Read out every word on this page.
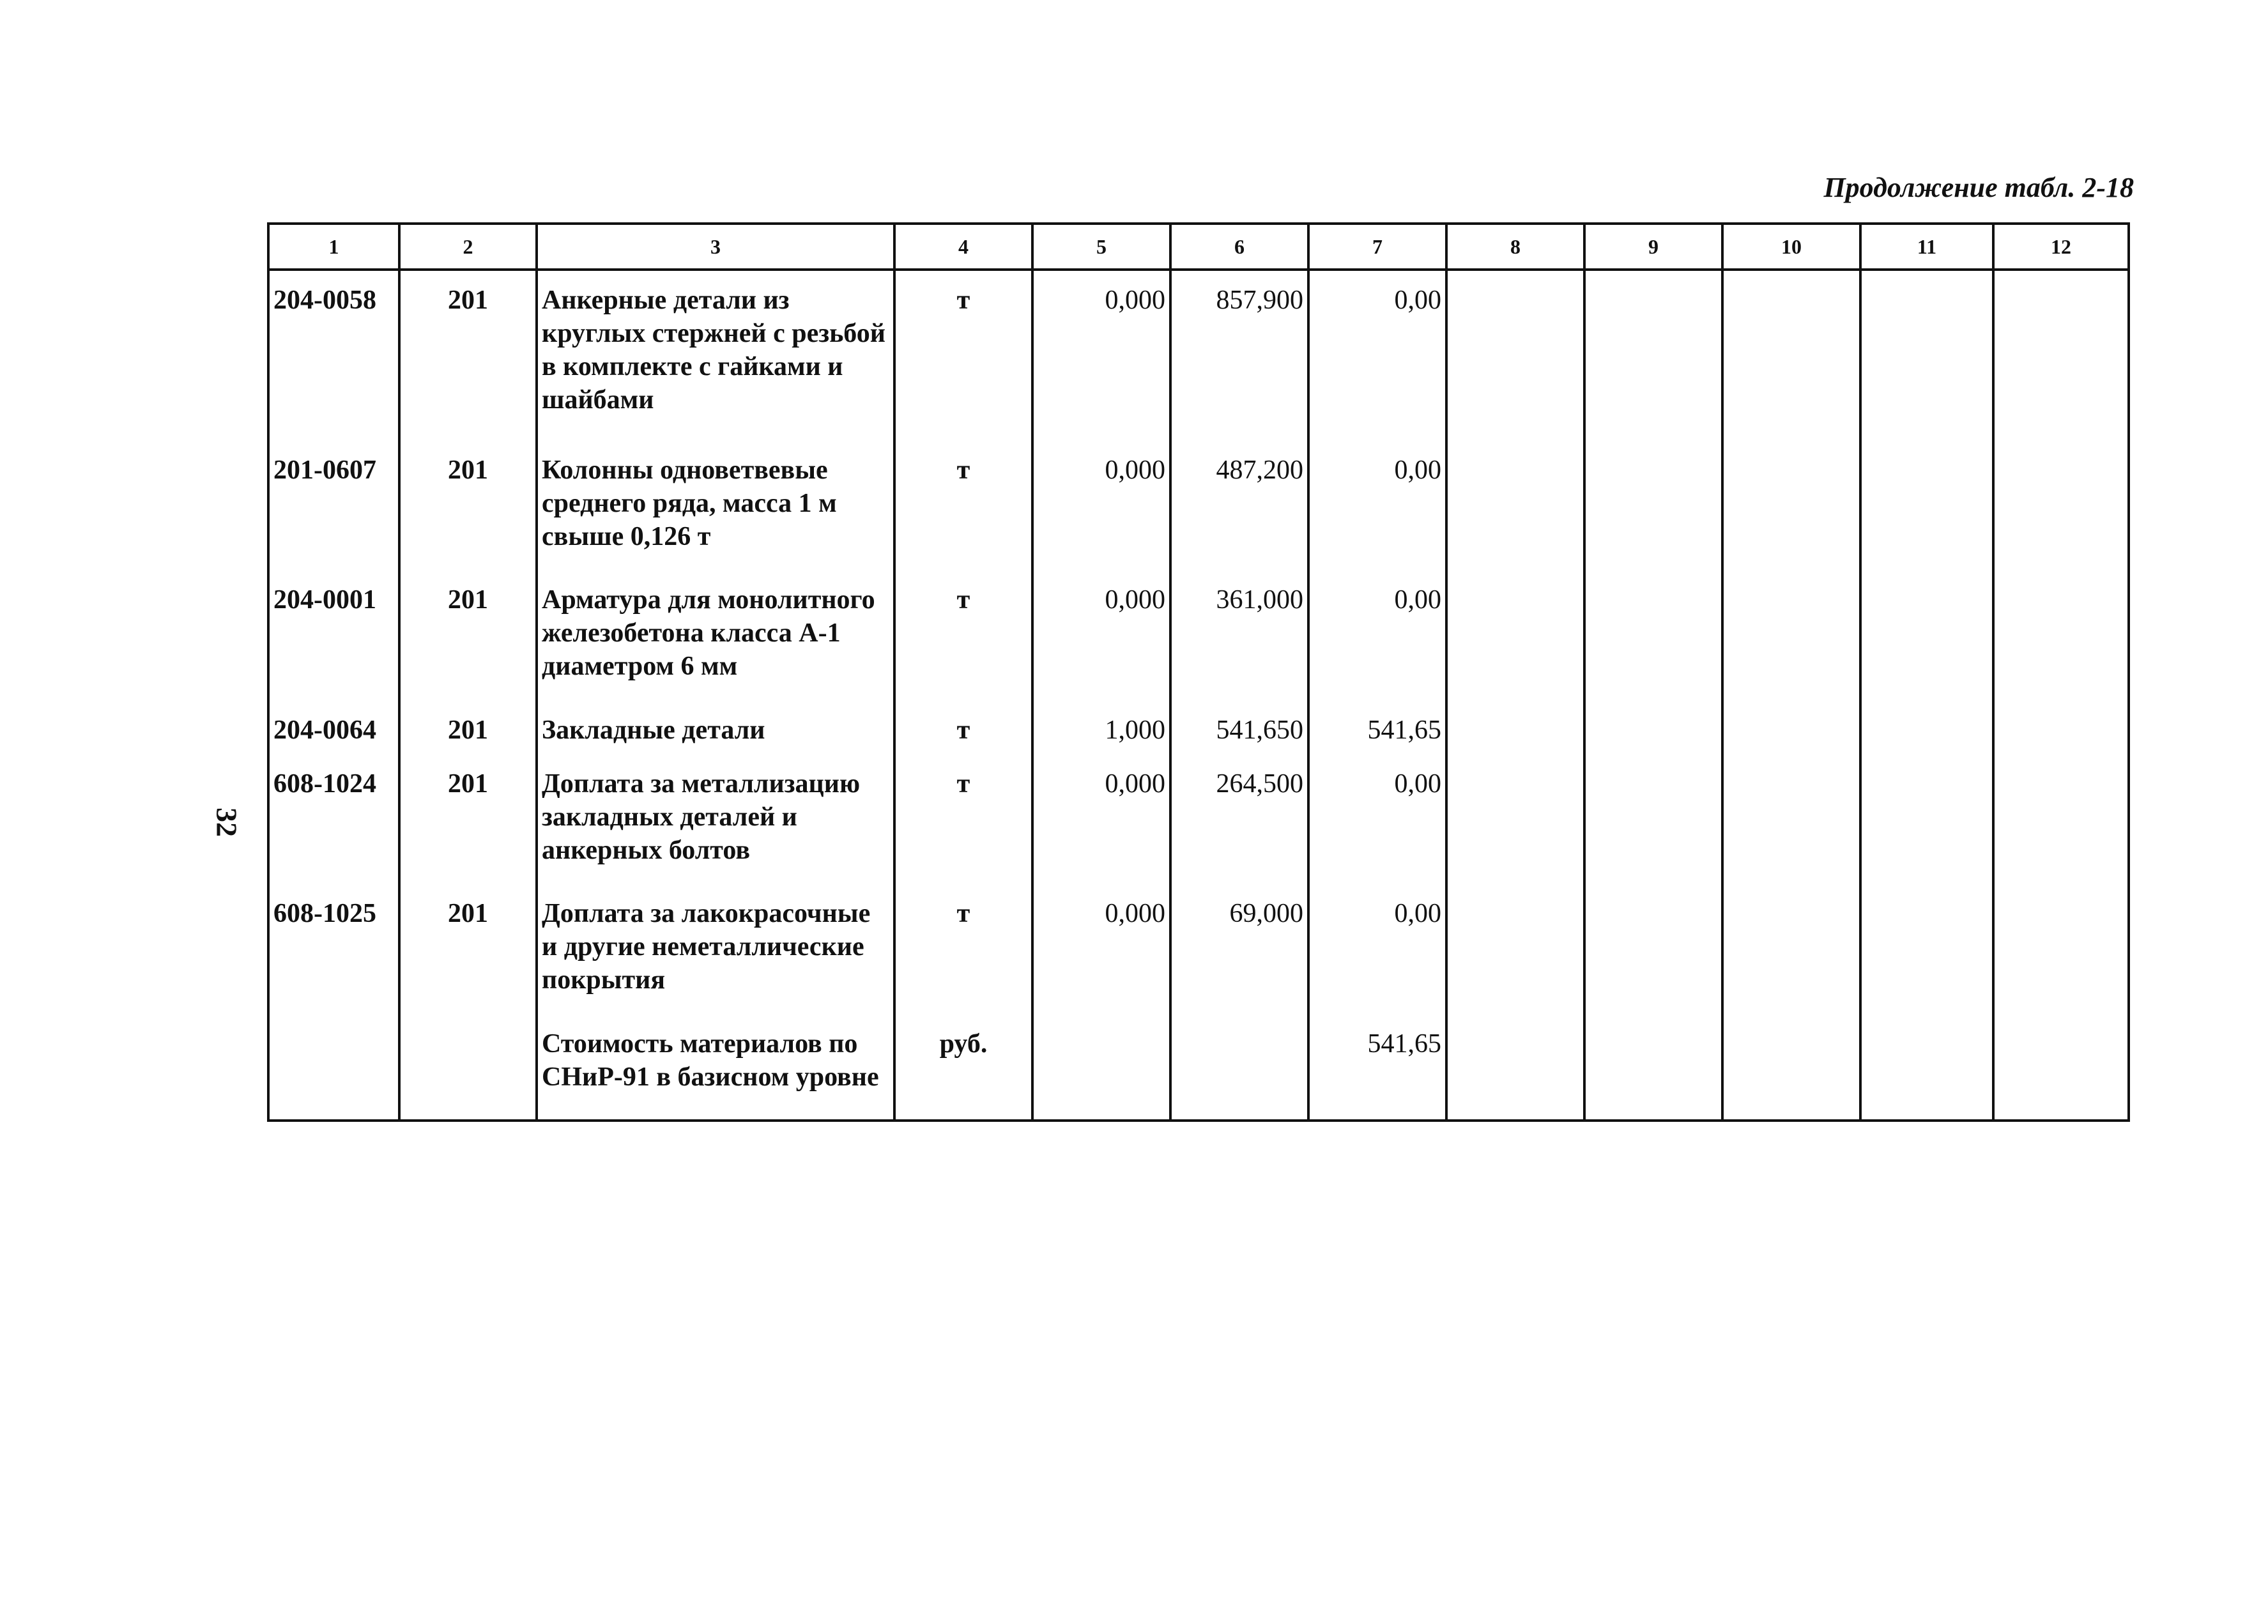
Продолжение табл. 2-18
32
1	2	3	4	5	6	7	8	9	10	11	12
204-0058	201	Анкерные детали из круглых стержней с резьбой в комплекте с гайками и шайбами	т	0,000	857,900	0,00					
201-0607	201	Колонны одноветвевые среднего ряда, масса 1 м свыше 0,126 т	т	0,000	487,200	0,00					
204-0001	201	Арматура для монолитного железобетона класса А-1 диаметром 6 мм	т	0,000	361,000	0,00					
204-0064	201	Закладные детали	т	1,000	541,650	541,65					
608-1024	201	Доплата за металлизацию закладных деталей и анкерных болтов	т	0,000	264,500	0,00					
608-1025	201	Доплата за лакокрасочные и другие неметаллические покрытия	т	0,000	69,000	0,00					
		Стоимость материалов по СНиР-91 в базисном уровне	руб.			541,65					
